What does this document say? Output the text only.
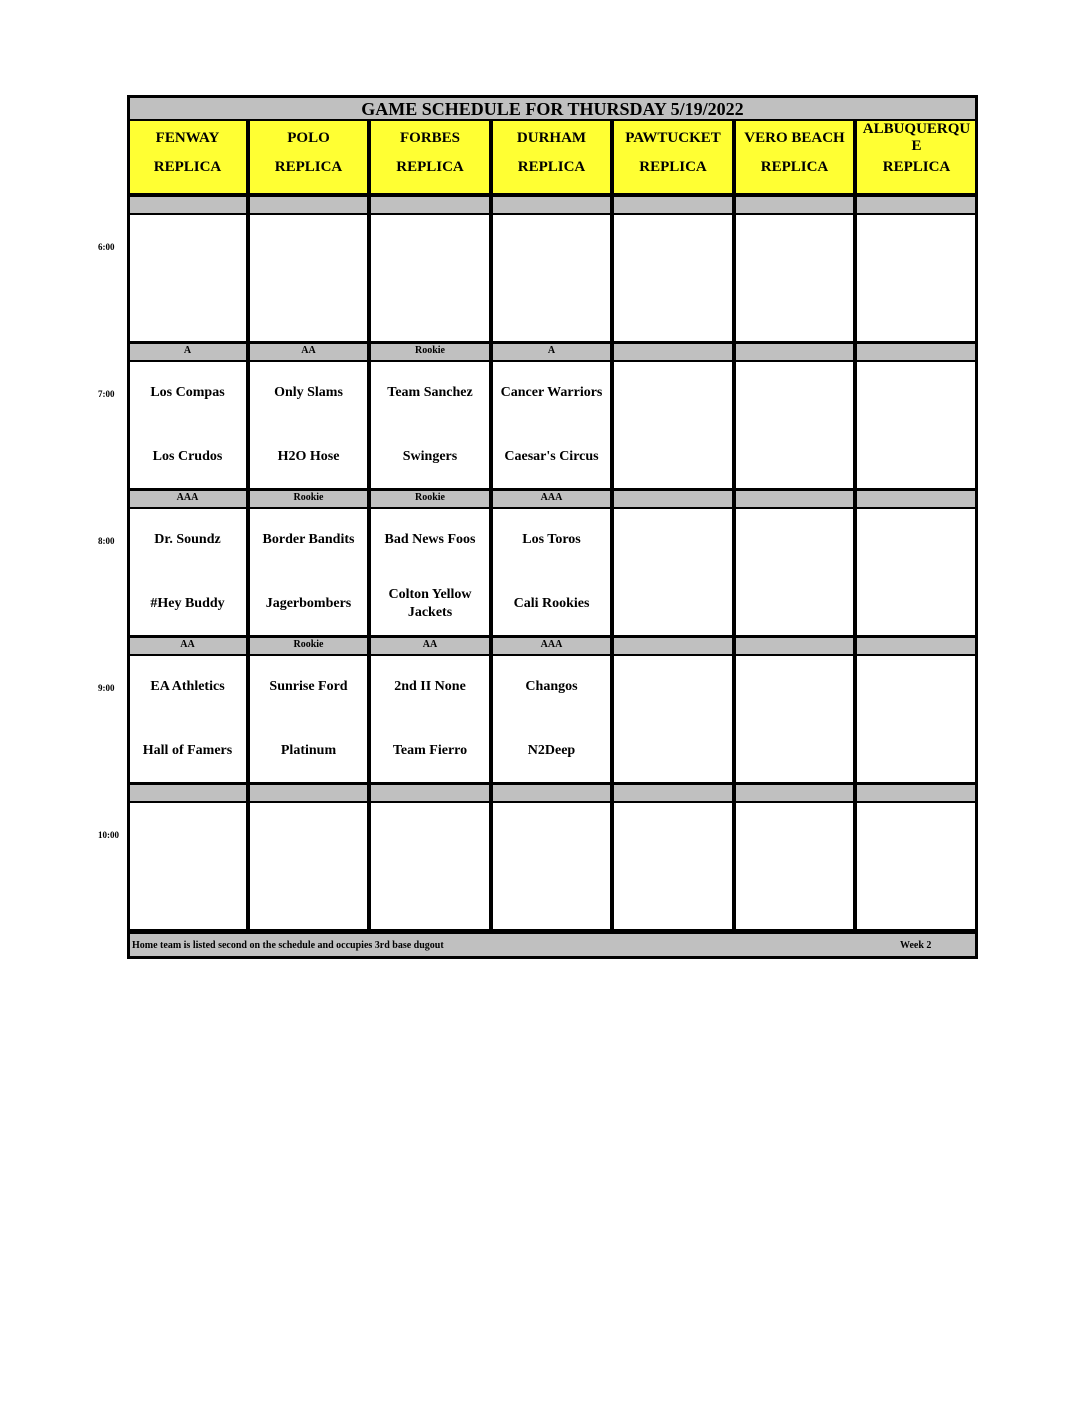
GAME SCHEDULE FOR THURSDAY 5/19/2022
Home team is listed second on the schedule and occupies 3rd base dugout	Week 2
FENWAY
REPLICA
POLO
REPLICA
FORBES
REPLICA
DURHAM
REPLICA
PAWTUCKET
REPLICA
VERO BEACH
REPLICA
ALBUQUERQUE
REPLICA
A
Los Compas
Los Crudos
AA
Only Slams
H2O Hose
Rookie
Team Sanchez
Swingers
A
Cancer Warriors
Caesar's Circus
AAA
Dr. Soundz
#Hey Buddy
Rookie
Border Bandits
Jagerbombers
Rookie
Bad News Foos
Colton Yellow Jackets
AAA
Los Toros
Cali Rookies
AA
EA Athletics
Hall of Famers
Rookie
Sunrise Ford
Platinum
AA
2nd II None
Team Fierro
AAA
Changos
N2Deep
6:00
7:00
8:00
9:00
10:00
